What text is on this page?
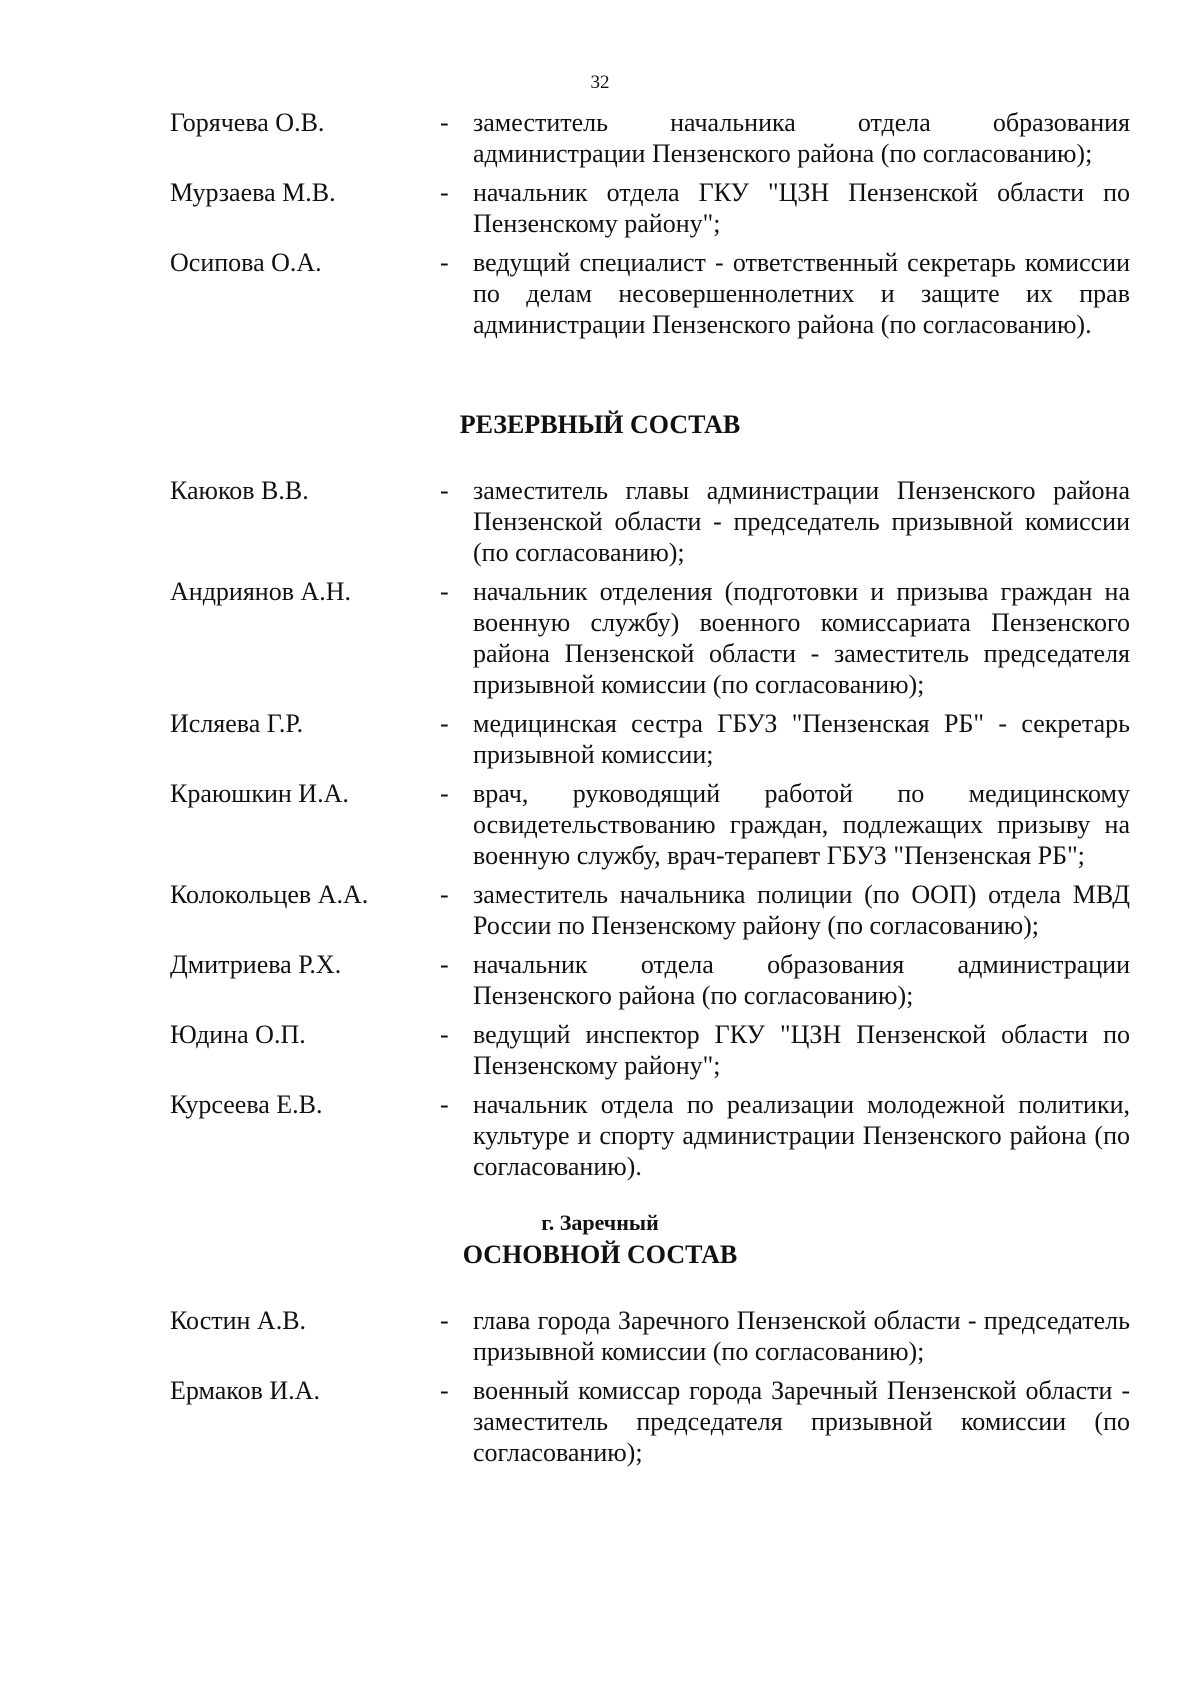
32
Горячева О.В.	- заместитель начальника отдела образования администрации Пензенского района (по согласованию);
Мурзаева М.В.	- начальник отдела ГКУ "ЦЗН Пензенской области по Пензенскому району";
Осипова О.А.	- ведущий специалист - ответственный секретарь комиссии по делам несовершеннолетних и защите их прав администрации Пензенского района (по согласованию).
РЕЗЕРВНЫЙ СОСТАВ
Каюков В.В.	- заместитель главы администрации Пензенского района Пензенской области - председатель призывной комиссии (по согласованию);
Андриянов А.Н.	- начальник отделения (подготовки и призыва граждан на военную службу) военного комиссариата Пензенского района Пензенской области - заместитель председателя призывной комиссии (по согласованию);
Исляева Г.Р.	- медицинская сестра ГБУЗ "Пензенская РБ" - секретарь призывной комиссии;
Краюшкин И.А.	- врач, руководящий работой по медицинскому освидетельствованию граждан, подлежащих призыву на военную службу, врач-терапевт ГБУЗ "Пензенская РБ";
Колокольцев А.А.	- заместитель начальника полиции (по ООП) отдела МВД России по Пензенскому району (по согласованию);
Дмитриева Р.Х.	- начальник отдела образования администрации Пензенского района (по согласованию);
Юдина О.П.	- ведущий инспектор ГКУ "ЦЗН Пензенской области по Пензенскому району";
Курсеева Е.В.	- начальник отдела по реализации молодежной политики, культуре и спорту администрации Пензенского района (по согласованию).
г. Заречный
ОСНОВНОЙ СОСТАВ
Костин А.В.	- глава города Заречного Пензенской области - председатель призывной комиссии (по согласованию);
Ермаков И.А.	- военный комиссар города Заречный Пензенской области - заместитель председателя призывной комиссии (по согласованию);
